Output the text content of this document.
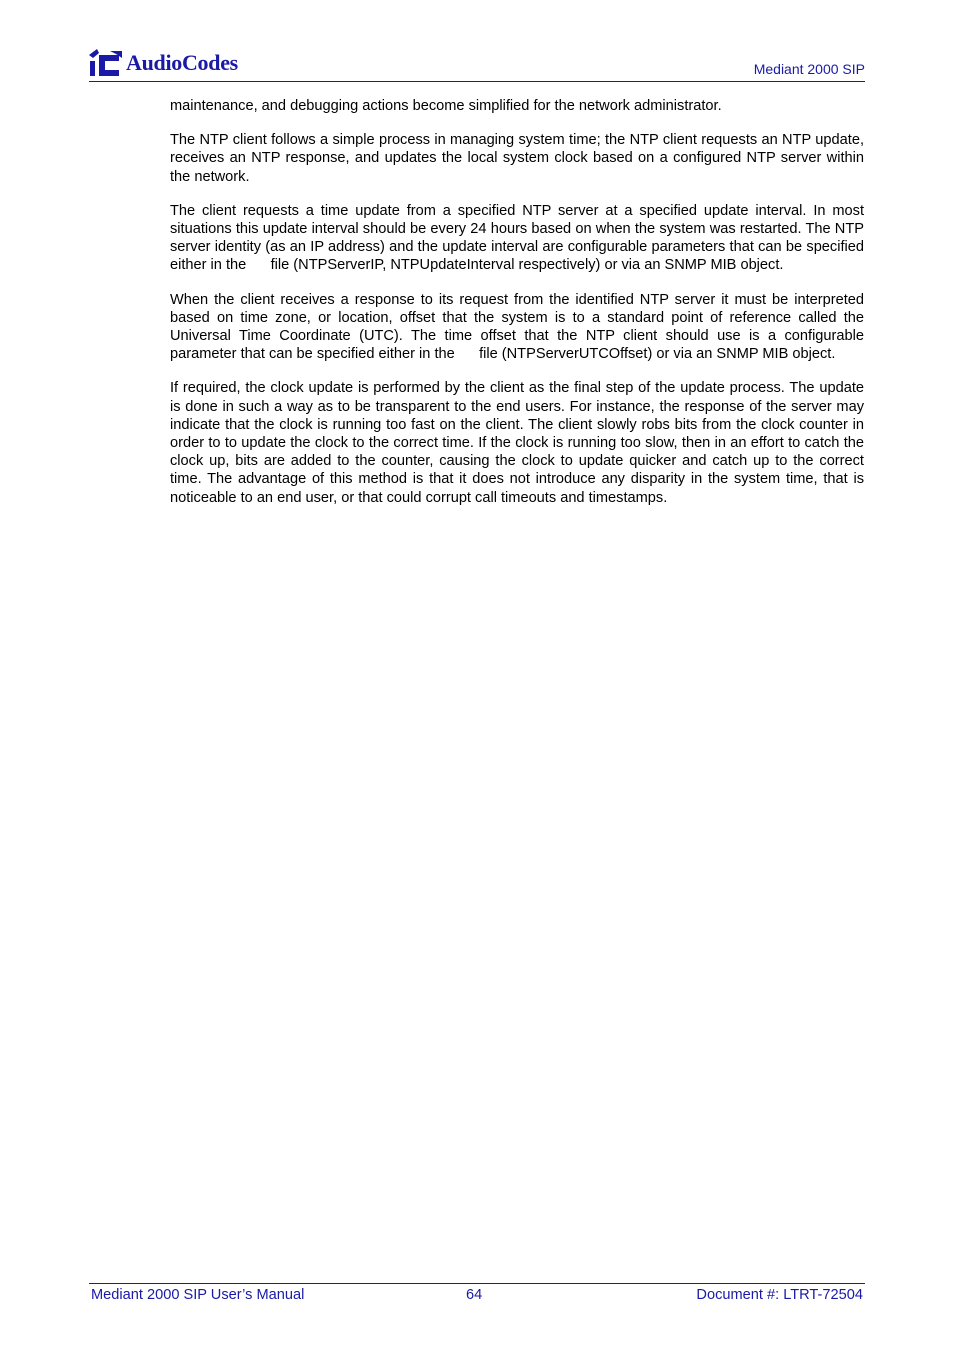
AudioCodes	Mediant 2000 SIP

maintenance, and debugging actions become simplified for the network administrator.

The NTP client follows a simple process in managing system time; the NTP client requests an NTP update, receives an NTP response, and updates the local system clock based on a configured NTP server within the network.

The client requests a time update from a specified NTP server at a specified update interval. In most situations this update interval should be every 24 hours based on when the system was restarted. The NTP server identity (as an IP address) and the update interval are configurable parameters that can be specified either in the      file (NTPServerIP, NTPUpdateInterval respectively) or via an SNMP MIB object.

When the client receives a response to its request from the identified NTP server it must be interpreted based on time zone, or location, offset that the system is to a standard point of reference called the Universal Time Coordinate (UTC). The time offset that the NTP client should use is a configurable parameter that can be specified either in the      file (NTPServerUTCOffset) or via an SNMP MIB object.

If required, the clock update is performed by the client as the final step of the update process. The update is done in such a way as to be transparent to the end users. For instance, the response of the server may indicate that the clock is running too fast on the client. The client slowly robs bits from the clock counter in order to to update the clock to the correct time. If the clock is running too slow, then in an effort to catch the clock up, bits are added to the counter, causing the clock to update quicker and catch up to the correct time. The advantage of this method is that it does not introduce any disparity in the system time, that is noticeable to an end user, or that could corrupt call timeouts and timestamps.

Mediant 2000 SIP User’s Manual	64	Document #: LTRT-72504
